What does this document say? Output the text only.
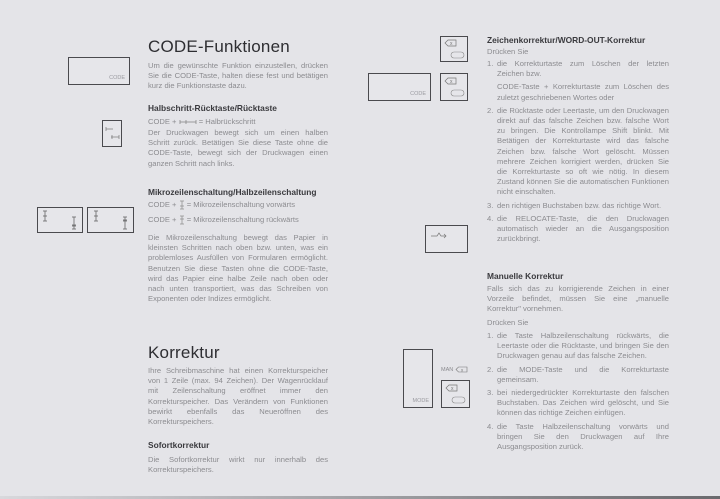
CODE
CODE-Funktionen
Um die gewünschte Funktion einzustellen, drücken Sie die CODE-Taste, halten diese fest und betätigen kurz die Funktionstaste dazu.
Halbschritt-Rücktaste/Rücktaste
CODE +	= Halbrückschritt
Der Druckwagen bewegt sich um einen halben Schritt zurück. Betätigen Sie diese Taste ohne die CODE-Taste, bewegt sich der Druckwagen einen ganzen Schritt nach links.
Mikrozeilenschaltung/Halbzeilenschaltung
CODE + = Mikrozeilenschaltung vorwärts
CODE + = Mikrozeilenschaltung rückwärts
Die Mikrozeilenschaltung bewegt das Papier in kleinsten Schritten nach oben bzw. unten, was ein problemloses Ausfüllen von Formularen ermöglicht. Benutzen Sie diese Tasten ohne die CODE-Taste, wird das Papier eine halbe Zeile nach oben oder nach unten transportiert, was das Schreiben von Exponenten oder Indizes ermöglicht.
Korrektur
Ihre Schreibmaschine hat einen Korrekturspeicher von 1 Zeile (max. 94 Zeichen). Der Wagenrücklauf mit Zeilenschaltung eröffnet immer den Korrekturspeicher. Das Verändern von Funktionen bewirkt ebenfalls das Neueröffnen des Korrekturspeichers.
Sofortkorrektur
Die Sofortkorrektur wirkt nur innerhalb des Korrekturspeichers.
x
CODE
x
Zeichenkorrektur/WORD-OUT-Korrektur
Drücken Sie
1. die Korrekturtaste zum Löschen der letzten Zeichen bzw.
CODE-Taste + Korrekturtaste zum Löschen des zuletzt geschriebenen Wortes oder
2. die Rücktaste oder Leertaste, um den Druckwagen direkt auf das falsche Zeichen bzw. falsche Wort zu bringen. Die Kontrollampe Shift blinkt. Mit Betätigen der Korrekturtaste wird das falsche Zeichen bzw. falsche Wort gelöscht. Müssen mehrere Zeichen korrigiert werden, drücken Sie die Korrekturtaste so oft wie nötig. In diesem Zustand können Sie die automatischen Funktionen nicht einschalten.
3. den richtigen Buchstaben bzw. das richtige Wort.
4. die RELOCATE-Taste, die den Druckwagen automatisch wieder an die Ausgangsposition zurückbringt.
Manuelle Korrektur
Falls sich das zu korrigierende Zeichen in einer Vorzeile befindet, müssen Sie eine „manuelle Korrektur" vornehmen.
Drücken Sie
1. die Taste Halbzeilenschaltung rückwärts, die Leertaste oder die Rücktaste, und bringen Sie den Druckwagen genau auf das falsche Zeichen.
2. die MODE-Taste und die Korrekturtaste gemeinsam.
3. bei niedergedrückter Korrekturtaste den falschen Buchstaben. Das Zeichen wird gelöscht, und Sie können das richtige Zeichen einfügen.
4. die Taste Halbzeilenschaltung vorwärts und bringen Sie den Druckwagen auf Ihre Ausgangsposition zurück.
MODE
MAN x
x
